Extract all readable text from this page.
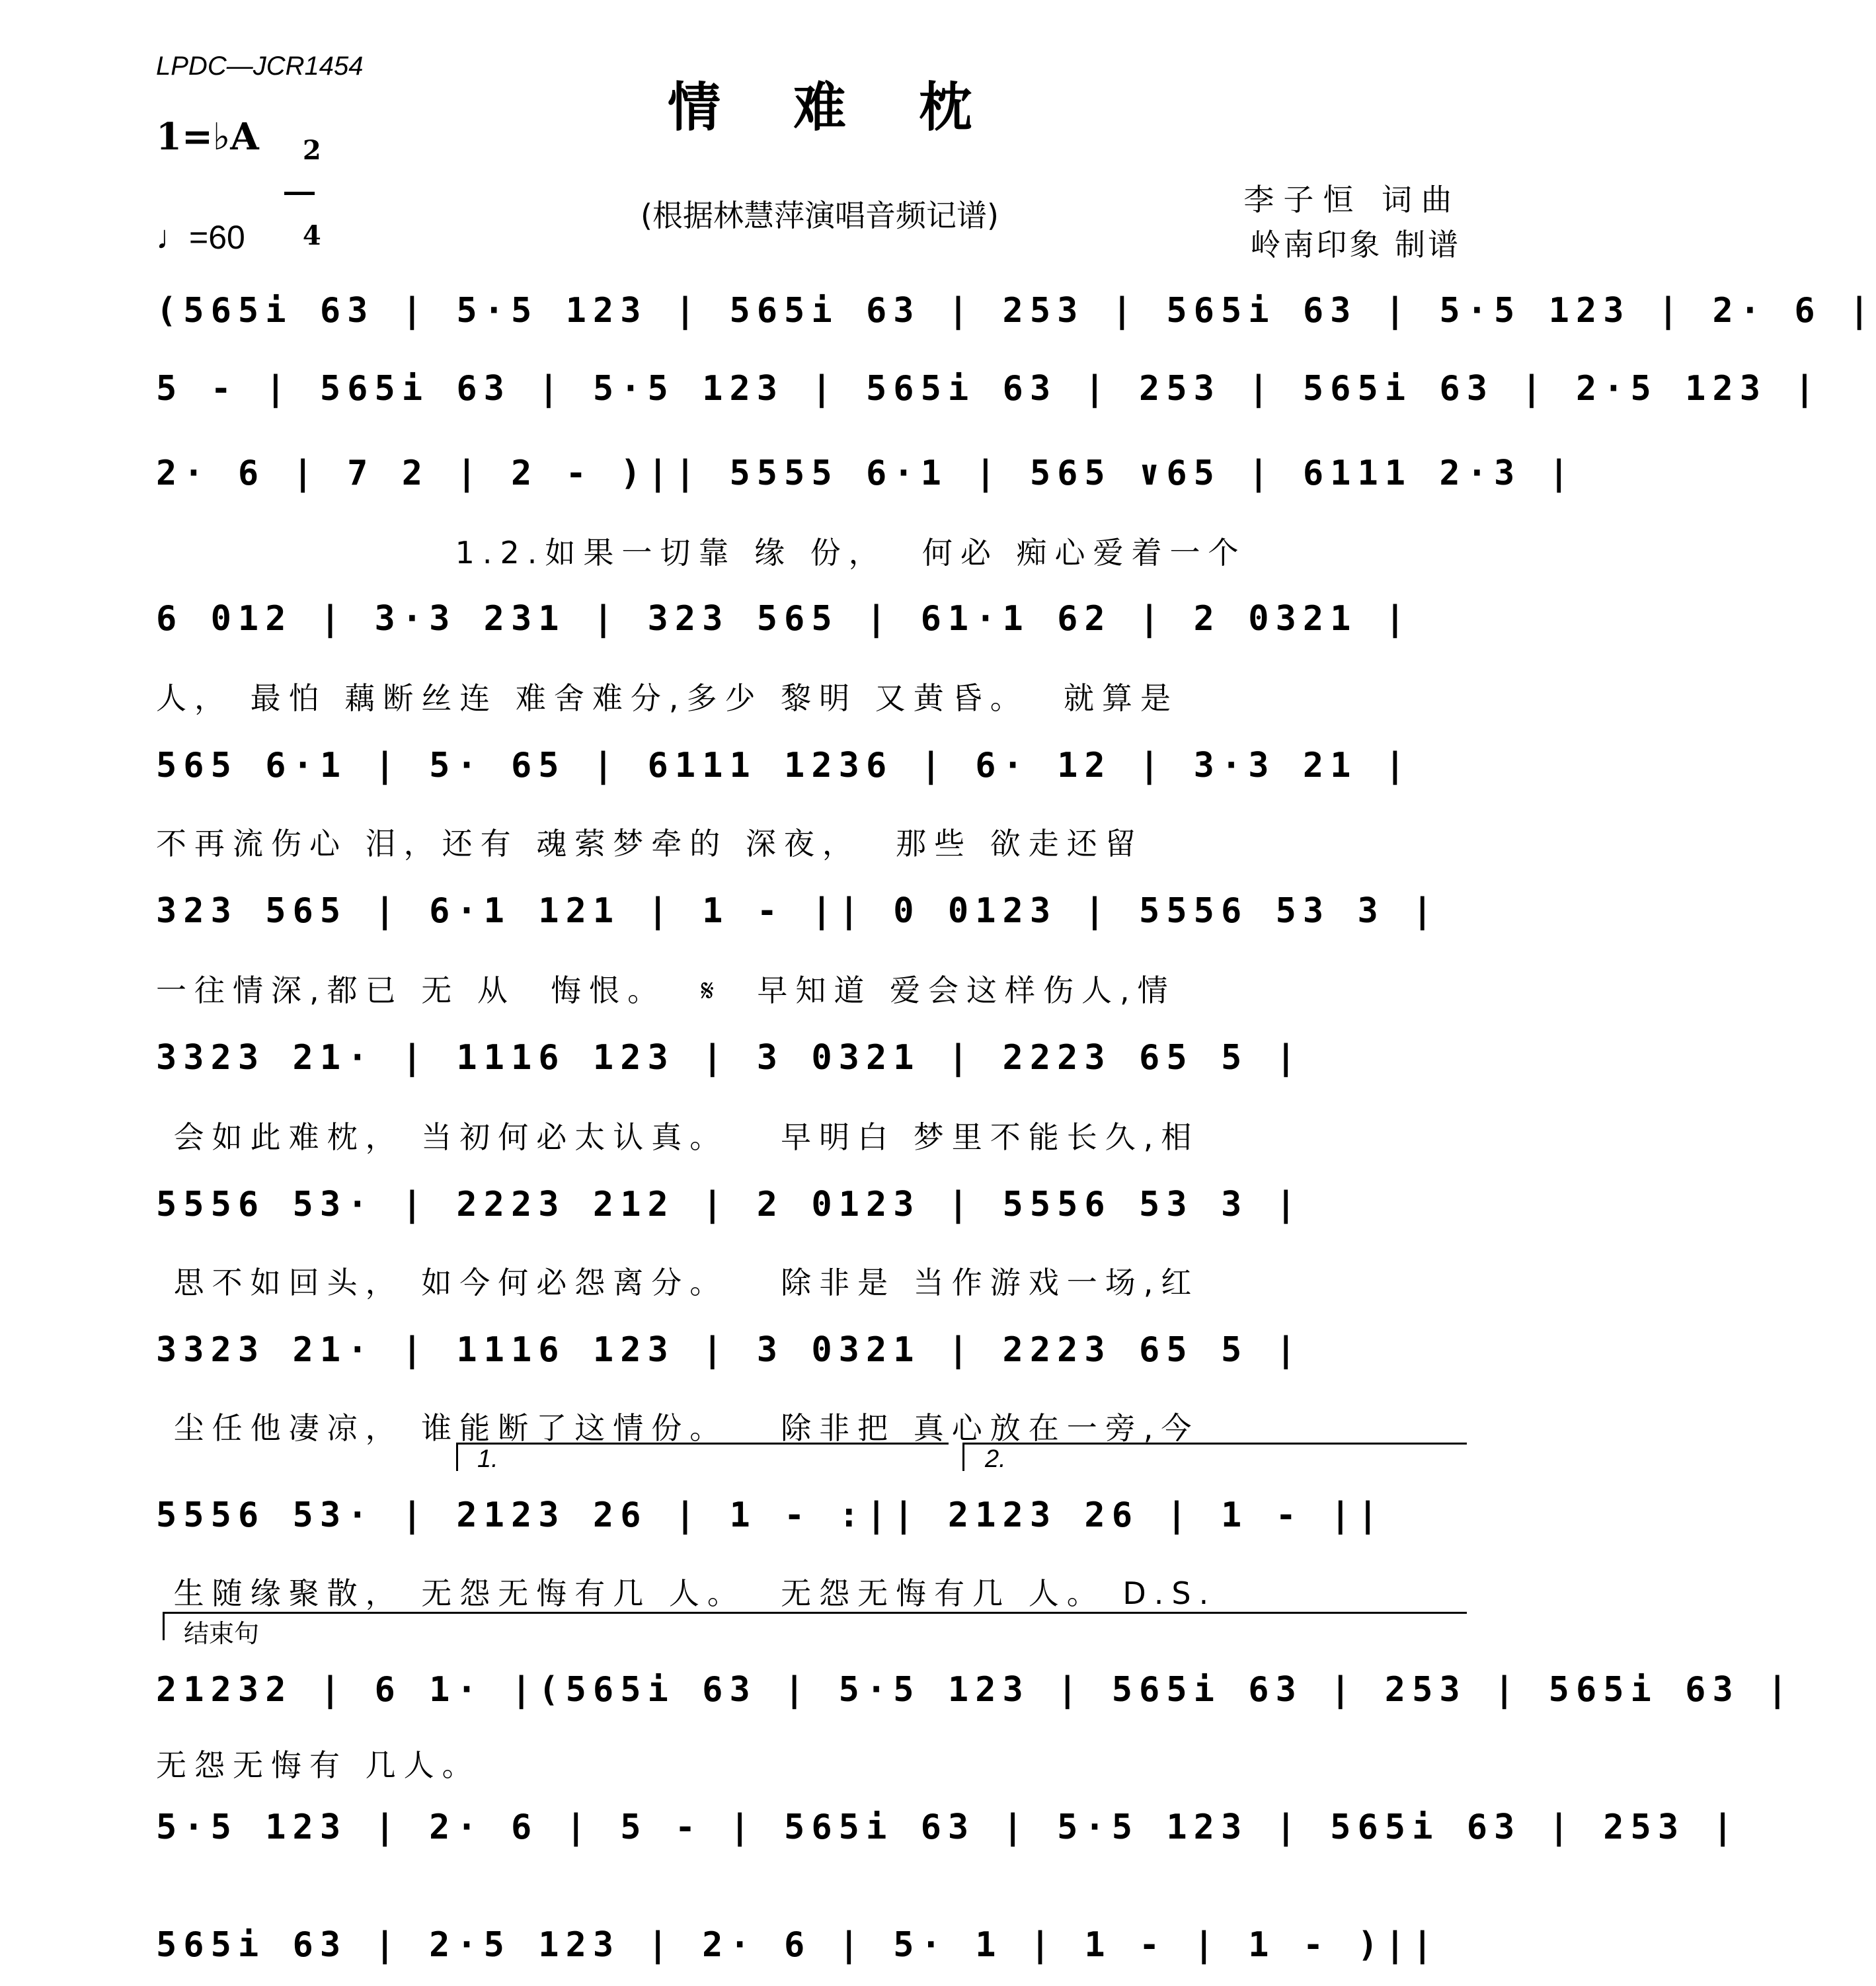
LPDC—JCR1454
情难枕
1=♭A	2

4

♩=60
(根据林慧萍演唱音频记谱)	李子恒 词曲
岭南印象 制谱
(565i 63 | 5·5 123 | 565i 63 | 253 | 565i 63 | 5·5 123 | 2· 6 |
5 - | 565i 63 | 5·5 123 | 565i 63 | 253 | 565i 63 | 2·5 123 |
2· 6 | 7 2 | 2 - )|| 5555 6·1 | 565 ∨65 | 6111 2·3 |
1.2.如果一切靠 缘 份，  何必 痴心爱着一个
6 012 | 3·3 231 | 323 565 | 61·1 62 | 2 0321 |
人， 最怕 藕断丝连 难舍难分,多少 黎明 又黄昏。  就算是
565 6·1 | 5· 65 | 6111 1236 | 6· 12 | 3·3 21 |
不再流伤心 泪，还有 魂萦梦牵的 深夜，  那些 欲走还留
323 565 | 6·1 121 | 1 - || 0 0123 | 5556 53 3 |
一往情深,都已 无 从  悔恨。  𝄋  早知道 爱会这样伤人,情
3323 21· | 1116 123 | 3 0321 | 2223 65 5 |
会如此难枕， 当初何必太认真。   早明白 梦里不能长久,相
5556 53· | 2223 212 | 2 0123 | 5556 53 3 |
思不如回头， 如今何必怨离分。   除非是 当作游戏一场,红
3323 21· | 1116 123 | 3 0321 | 2223 65 5 |
尘任他凄凉， 谁能断了这情份。   除非把 真心放在一旁,今
5556 53· | 2123 26 | 1 - :|| 2123 26 | 1 - ||
生随缘聚散， 无怨无悔有几 人。  无怨无悔有几 人。 D.S.
21232 | 6 1· |(565i 63 | 5·5 123 | 565i 63 | 253 | 565i 63 |
无怨无悔有 几人。
5·5 123 | 2· 6 | 5 - | 565i 63 | 5·5 123 | 565i 63 | 253 |
565i 63 | 2·5 123 | 2· 6 | 5· 1 | 1 - | 1 - )||
1.	2.
结束句
